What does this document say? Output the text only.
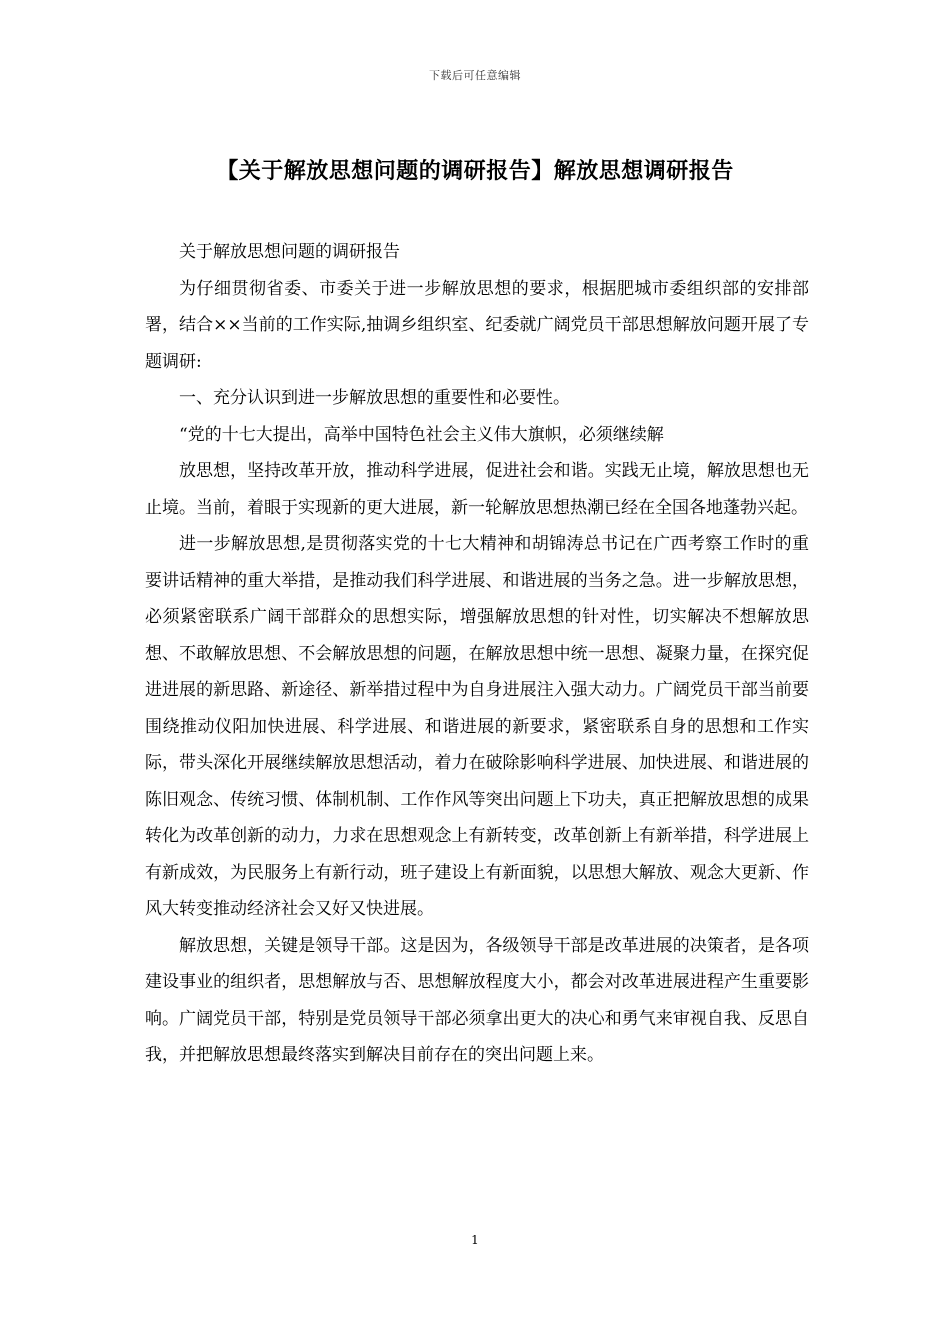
下载后可任意编辑
【关于解放思想问题的调研报告】解放思想调研报告

关于解放思想问题的调研报告

为仔细贯彻省委、市委关于进一步解放思想的要求，根据肥城市委组织部的安排部署，结合××当前的工作实际,抽调乡组织室、纪委就广阔党员干部思想解放问题开展了专题调研:

一、充分认识到进一步解放思想的重要性和必要性。

“党的十七大提出，高举中国特色社会主义伟大旗帜，必须继续解

放思想，坚持改革开放，推动科学进展，促进社会和谐。实践无止境，解放思想也无止境。当前，着眼于实现新的更大进展，新一轮解放思想热潮已经在全国各地蓬勃兴起。

进一步解放思想,是贯彻落实党的十七大精神和胡锦涛总书记在广西考察工作时的重要讲话精神的重大举措，是推动我们科学进展、和谐进展的当务之急。进一步解放思想，必须紧密联系广阔干部群众的思想实际，增强解放思想的针对性，切实解决不想解放思想、不敢解放思想、不会解放思想的问题，在解放思想中统一思想、凝聚力量，在探究促进进展的新思路、新途径、新举措过程中为自身进展注入强大动力。广阔党员干部当前要围绕推动仪阳加快进展、科学进展、和谐进展的新要求，紧密联系自身的思想和工作实际，带头深化开展继续解放思想活动，着力在破除影响科学进展、加快进展、和谐进展的陈旧观念、传统习惯、体制机制、工作作风等突出问题上下功夫，真正把解放思想的成果转化为改革创新的动力，力求在思想观念上有新转变，改革创新上有新举措，科学进展上有新成效，为民服务上有新行动，班子建设上有新面貌，以思想大解放、观念大更新、作风大转变推动经济社会又好又快进展。

解放思想，关键是领导干部。这是因为，各级领导干部是改革进展的决策者，是各项建设事业的组织者，思想解放与否、思想解放程度大小，都会对改革进展进程产生重要影响。广阔党员干部，特别是党员领导干部必须拿出更大的决心和勇气来审视自我、反思自我，并把解放思想最终落实到解决目前存在的突出问题上来。

1
